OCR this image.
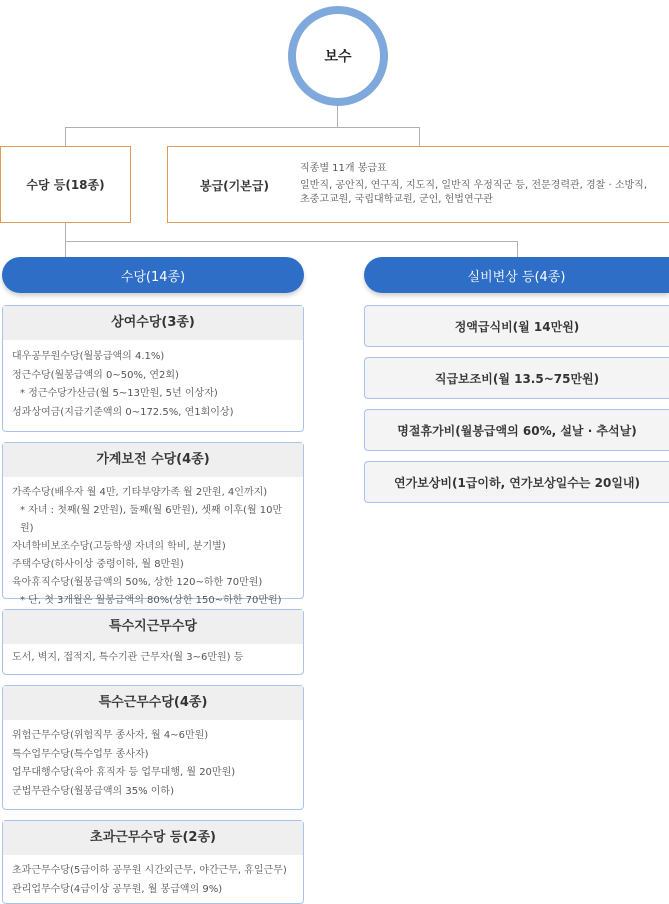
보수
수당 등(18종)	봉급(기본급)
직종별 11개 봉급표
일반직, 공안직, 연구직, 지도직, 일반직 우정직군 등, 전문경력관, 경찰 · 소방직, 초중고교원, 국립대학교원, 군인, 헌법연구관
수당(14종)	실비변상 등(4종)
상여수당(3종)
대우공무원수당(월봉급액의 4.1%)
정근수당(월봉급액의 0~50%, 연2회)
* 정근수당가산금(월 5~13만원, 5년 이상자)
성과상여금(지급기준액의 0~172.5%, 연1회이상)
가계보전 수당(4종)
가족수당(배우자 월 4만, 기타부양가족 월 2만원, 4인까지)
* 자녀 : 첫째(월 2만원), 둘째(월 6만원), 셋째 이후(월 10만원)
자녀학비보조수당(고등학생 자녀의 학비, 분기별)
주택수당(하사이상 중령이하, 월 8만원)
육아휴직수당(월봉급액의 50%, 상한 120~하한 70만원)
* 단, 첫 3개월은 월봉급액의 80%(상한 150~하한 70만원)
특수지근무수당
도서, 벽지, 접적지, 특수기관 근무자(월 3~6만원) 등
특수근무수당(4종)
위험근무수당(위험직무 종사자, 월 4~6만원)
특수업무수당(특수업무 종사자)
업무대행수당(육아 휴직자 등 업무대행, 월 20만원)
군법무관수당(월봉급액의 35% 이하)
초과근무수당 등(2종)
초과근무수당(5급이하 공무원 시간외근무, 야간근무, 휴일근무)
관리업무수당(4급이상 공무원, 월 봉급액의 9%)
정액급식비(월 14만원)
직급보조비(월 13.5~75만원)
명절휴가비(월봉급액의 60%, 설날 · 추석날)
연가보상비(1급이하, 연가보상일수는 20일내)
